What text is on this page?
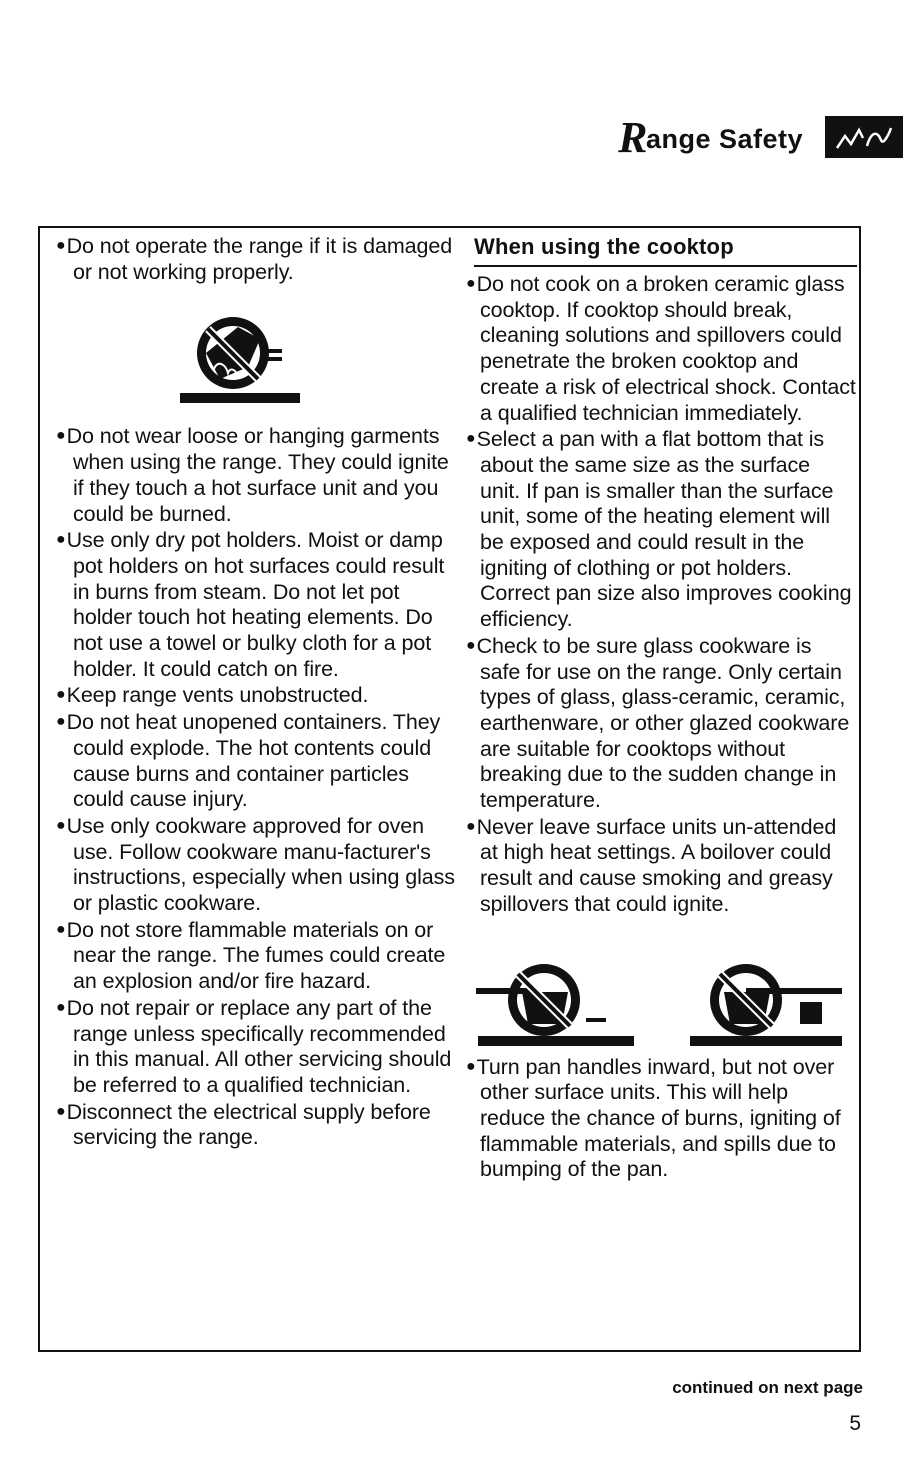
Range Safety

●Do not operate the range if it is damaged or not working properly.

●Do not wear loose or hanging garments when using the range. They could ignite if they touch a hot surface unit and you could be burned.

●Use only dry pot holders. Moist or damp pot holders on hot surfaces could result in burns from steam. Do not let pot holder touch hot heating elements. Do not use a towel or bulky cloth for a pot holder. It could catch on fire.

●Keep range vents unobstructed.

●Do not heat unopened containers. They could explode. The hot contents could cause burns and container particles could cause injury.

●Use only cookware approved for oven use. Follow cookware manu-facturer's instructions, especially when using glass or plastic cookware.

●Do not store flammable materials on or near the range. The fumes could create an explosion and/or fire hazard.

●Do not repair or replace any part of the range unless specifically recommended in this manual. All other servicing should be referred to a qualified technician.

●Disconnect the electrical supply before servicing the range.

When using the cooktop

●Do not cook on a broken ceramic glass cooktop. If cooktop should break, cleaning solutions and spillovers could penetrate the broken cooktop and create a risk of electrical shock. Contact a qualified technician immediately.

●Select a pan with a flat bottom that is about the same size as the surface unit. If pan is smaller than the surface unit, some of the heating element will be exposed and could result in the igniting of clothing or pot holders. Correct pan size also improves cooking efficiency.

●Check to be sure glass cookware is safe for use on the range. Only certain types of glass, glass-ceramic, ceramic, earthenware, or other glazed cookware are suitable for cooktops without breaking due to the sudden change in temperature.

●Never leave surface units un-attended at high heat settings. A boilover could result and cause smoking and greasy spillovers that could ignite.

●Turn pan handles inward, but not over other surface units. This will help reduce the chance of burns, igniting of flammable materials, and spills due to bumping of the pan.

continued on next page
5
